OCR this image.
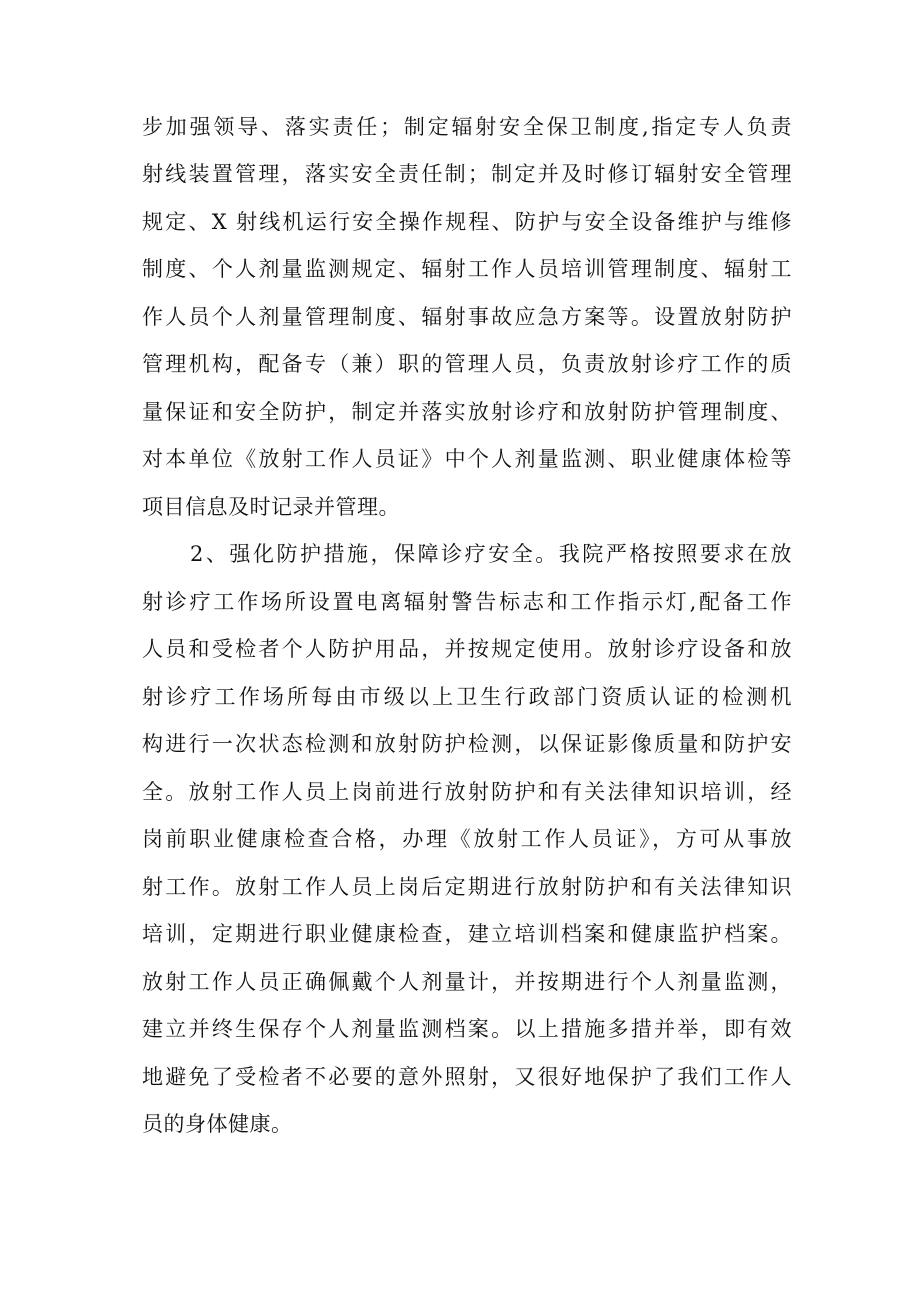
步加强领导、落实责任；制定辐射安全保卫制度,指定专人负责
射线装置管理，落实安全责任制；制定并及时修订辐射安全管理
规定、X 射线机运行安全操作规程、防护与安全设备维护与维修
制度、个人剂量监测规定、辐射工作人员培训管理制度、辐射工
作人员个人剂量管理制度、辐射事故应急方案等。设置放射防护
管理机构，配备专（兼）职的管理人员，负责放射诊疗工作的质
量保证和安全防护，制定并落实放射诊疗和放射防护管理制度、
对本单位《放射工作人员证》中个人剂量监测、职业健康体检等
项目信息及时记录并管理。
2、强化防护措施，保障诊疗安全。我院严格按照要求在放
射诊疗工作场所设置电离辐射警告标志和工作指示灯,配备工作
人员和受检者个人防护用品，并按规定使用。放射诊疗设备和放
射诊疗工作场所每由市级以上卫生行政部门资质认证的检测机
构进行一次状态检测和放射防护检测，以保证影像质量和防护安
全。放射工作人员上岗前进行放射防护和有关法律知识培训，经
岗前职业健康检查合格，办理《放射工作人员证》，方可从事放
射工作。放射工作人员上岗后定期进行放射防护和有关法律知识
培训，定期进行职业健康检查，建立培训档案和健康监护档案。
放射工作人员正确佩戴个人剂量计，并按期进行个人剂量监测，
建立并终生保存个人剂量监测档案。以上措施多措并举，即有效
地避免了受检者不必要的意外照射，又很好地保护了我们工作人
员的身体健康。
